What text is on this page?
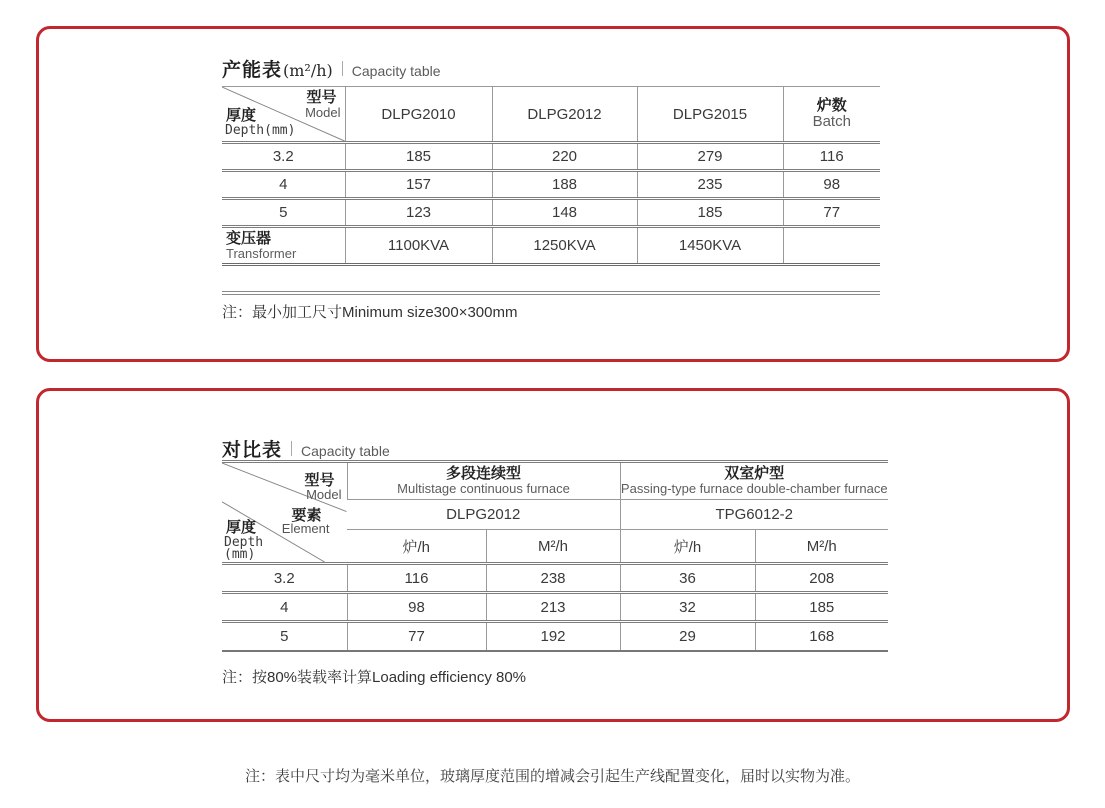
产能表 (m²/h) Capacity table
型号
Model
厚度
Depth(mm)
	DLPG2010	DLPG2012	DLPG2015	炉数
Batch

3.2	185	220	279	116
4	157	188	235	98
5	123	148	185	77

变压器
Transformer	1100KVA	1250KVA	1450KVA	
注：最小加工尺寸Minimum size300×300mm
对比表 Capacity table
型号
Model
要素
Element
厚度
Depth
(mm)

多段连续型
Multistage continuous furnace

双室炉型
Passing-type furnace double-chamber furnace

	DLPG2012		TPG6012-2	
	炉/h	M²/h	炉/h	M²/h
3.2	116	238	36	208
4	98	213	32	185
5	77	192	29	168
注：按80%装载率计算Loading efficiency 80%
注：表中尺寸均为毫米单位，玻璃厚度范围的增减会引起生产线配置变化，届时以实物为准。
